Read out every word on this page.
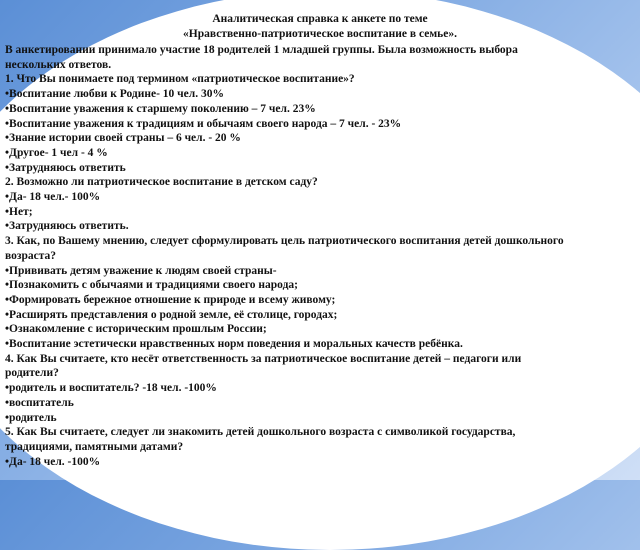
Аналитическая справка к анкете по теме
«Нравственно-патриотическое воспитание в семье».
В анкетировании принимало участие 18 родителей 1 младшей группы. Была возможность выбора
нескольких ответов.
1. Что Вы понимаете под термином «патриотическое воспитание»?
•Воспитание любви к Родине- 10 чел. 30%
•Воспитание уважения к старшему поколению – 7 чел. 23%
•Воспитание уважения к традициям и обычаям своего народа – 7 чел. - 23%
•Знание истории своей страны – 6 чел. - 20 %
•Другое- 1 чел - 4 %
•Затрудняюсь ответить
2. Возможно ли патриотическое воспитание в детском саду?
•Да- 18 чел.- 100%
•Нет;
•Затрудняюсь ответить.
3. Как, по Вашему мнению, следует сформулировать цель патриотического воспитания детей дошкольного
возраста?
•Прививать детям уважение к людям своей страны-
•Познакомить с обычаями и традициями своего народа;
•Формировать бережное отношение к природе и всему живому;
•Расширять представления о родной земле, её столице, городах;
•Ознакомление с историческим прошлым России;
•Воспитание эстетически нравственных норм поведения и моральных качеств ребёнка.
4. Как Вы считаете, кто несёт ответственность за патриотическое воспитание детей – педагоги или
родители?
•родитель и воспитатель? -18 чел. -100%
•воспитатель
•родитель
5. Как Вы считаете, следует ли знакомить детей дошкольного возраста с символикой государства,
традициями, памятными датами?
•Да- 18 чел. -100%
